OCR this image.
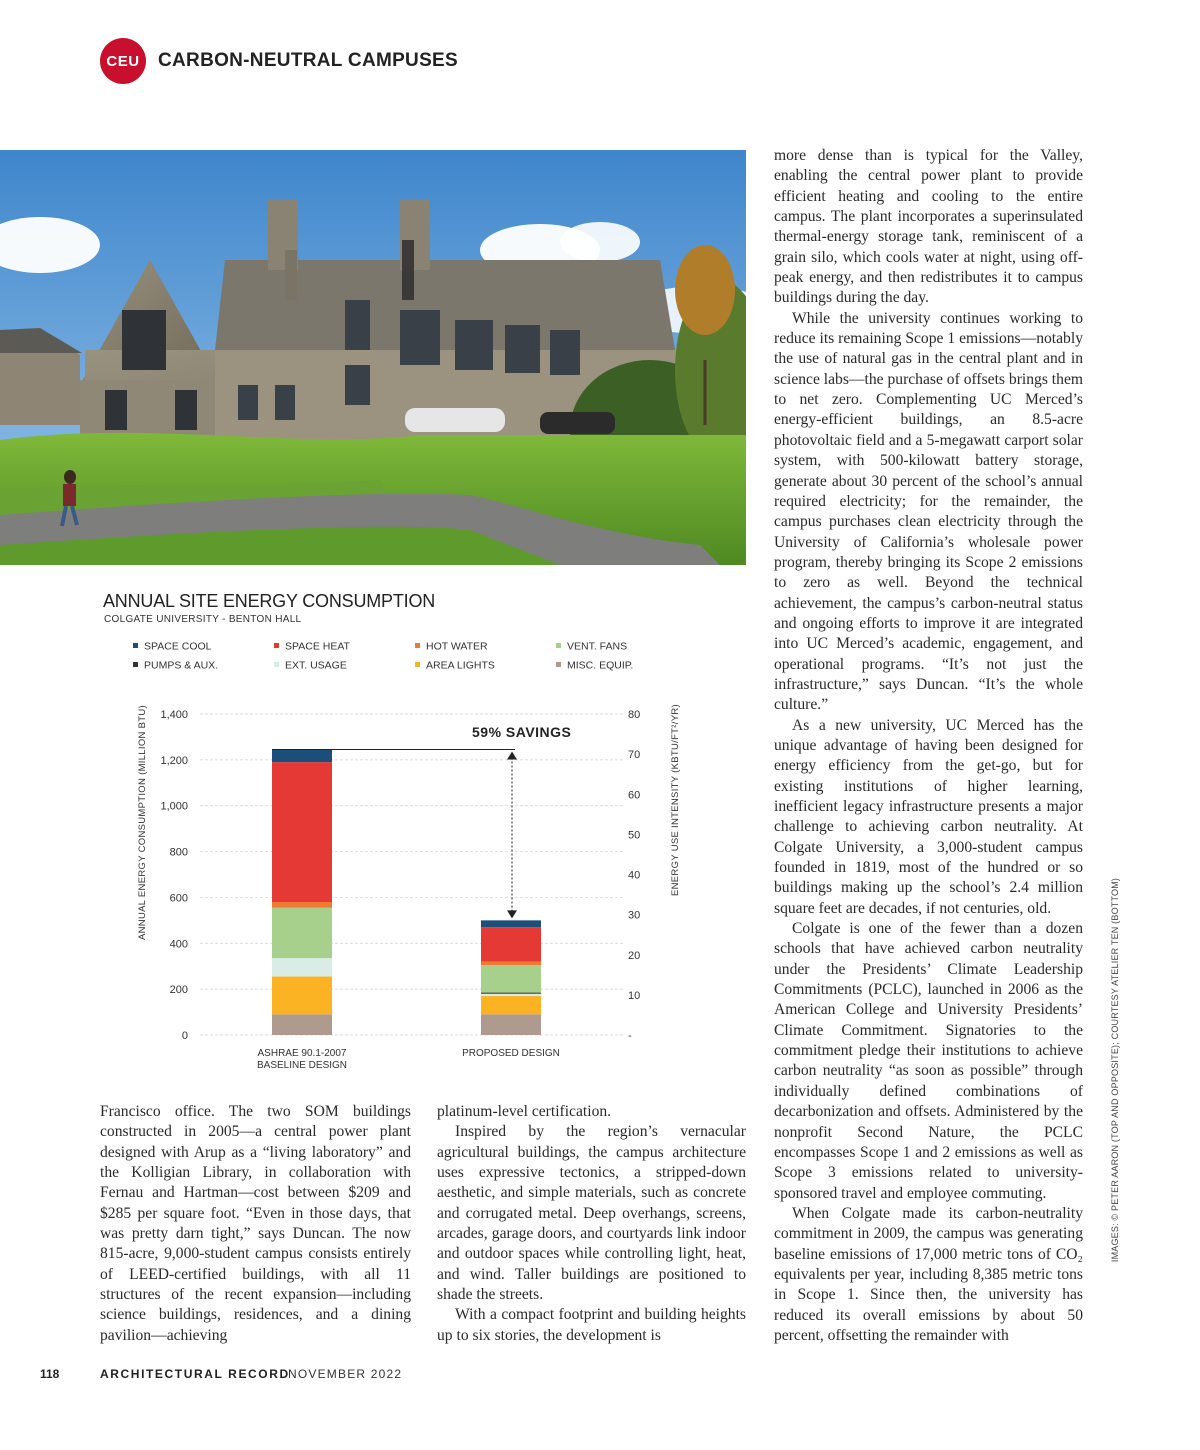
CEU CARBON-NEUTRAL CAMPUSES
ANNUAL SITE ENERGY CONSUMPTION
COLGATE UNIVERSITY - BENTON HALL
SPACE COOL	SPACE HEAT	HOT WATER	VENT. FANS
PUMPS & AUX.	EXT. USAGE	AREA LIGHTS	MISC. EQUIP.
0
200
400
600
800
1,000
1,200
1,400
-
10
20
30
40
50
60
70
80
ANNUAL ENERGY CONSUMPTION (MILLION BTU)	ENERGY USE INTENSITY (KBTU/FT²/YR)
ASHRAE 90.1-2007
BASELINE DESIGN
PROPOSED DESIGN
59% SAVINGS

Francisco office. The two SOM buildings constructed in 2005—a central power plant designed with Arup as a “living laboratory” and the Kolligian Library, in collaboration with Fernau and Hartman—cost between $209 and $285 per square foot. “Even in those days, that was pretty darn tight,” says Duncan. The now 815-acre, 9,000-student campus consists entirely of LEED-certified buildings, with all 11 structures of the recent expansion—including science buildings, residences, and a dining pavilion—achieving

platinum-level certification.

Inspired by the region’s vernacular agricultural buildings, the campus architecture uses expressive tectonics, a stripped-down aesthetic, and simple materials, such as concrete and corrugated metal. Deep overhangs, screens, arcades, garage doors, and courtyards link indoor and outdoor spaces while controlling light, heat, and wind. Taller buildings are positioned to shade the streets.

With a compact footprint and building heights up to six stories, the development is

more dense than is typical for the Valley, enabling the central power plant to provide efficient heating and cooling to the entire campus. The plant incorporates a superinsulated thermal-energy storage tank, reminiscent of a grain silo, which cools water at night, using off-peak energy, and then redistributes it to campus buildings during the day.

While the university continues working to reduce its remaining Scope 1 emissions—notably the use of natural gas in the central plant and in science labs—the purchase of offsets brings them to net zero. Complementing UC Merced’s energy-efficient buildings, an 8.5-acre photovoltaic field and a 5-megawatt carport solar system, with 500-kilowatt battery storage, generate about 30 percent of the school’s annual required electricity; for the remainder, the campus purchases clean electricity through the University of California’s wholesale power program, thereby bringing its Scope 2 emissions to zero as well. Beyond the technical achievement, the campus’s carbon-neutral status and ongoing efforts to improve it are integrated into UC Merced’s academic, engagement, and operational programs. “It’s not just the infrastructure,” says Duncan. “It’s the whole culture.”

As a new university, UC Merced has the unique advantage of having been designed for energy efficiency from the get-go, but for existing institutions of higher learning, inefficient legacy infrastructure presents a major challenge to achieving carbon neutrality. At Colgate University, a 3,000-student campus founded in 1819, most of the hundred or so buildings making up the school’s 2.4 million square feet are decades, if not centuries, old.

Colgate is one of the fewer than a dozen schools that have achieved carbon neutrality under the Presidents’ Climate Leadership Commitments (PCLC), launched in 2006 as the American College and University Presidents’ Climate Commitment. Signatories to the commitment pledge their institutions to achieve carbon neutrality “as soon as possible” through individually defined combinations of decarbonization and offsets. Administered by the nonprofit Second Nature, the PCLC encompasses Scope 1 and 2 emissions as well as Scope 3 emissions related to university-sponsored travel and employee commuting.

When Colgate made its carbon-neutrality commitment in 2009, the campus was generating baseline emissions of 17,000 metric tons of CO₂ equivalents per year, including 8,385 metric tons in Scope 1. Since then, the university has reduced its overall emissions by about 50 percent, offsetting the remainder with

IMAGES: © PETER AARON (TOP AND OPPOSITE); COURTESY ATELIER TEN (BOTTOM)
118	ARCHITECTURAL RECORD
NOVEMBER 2022
